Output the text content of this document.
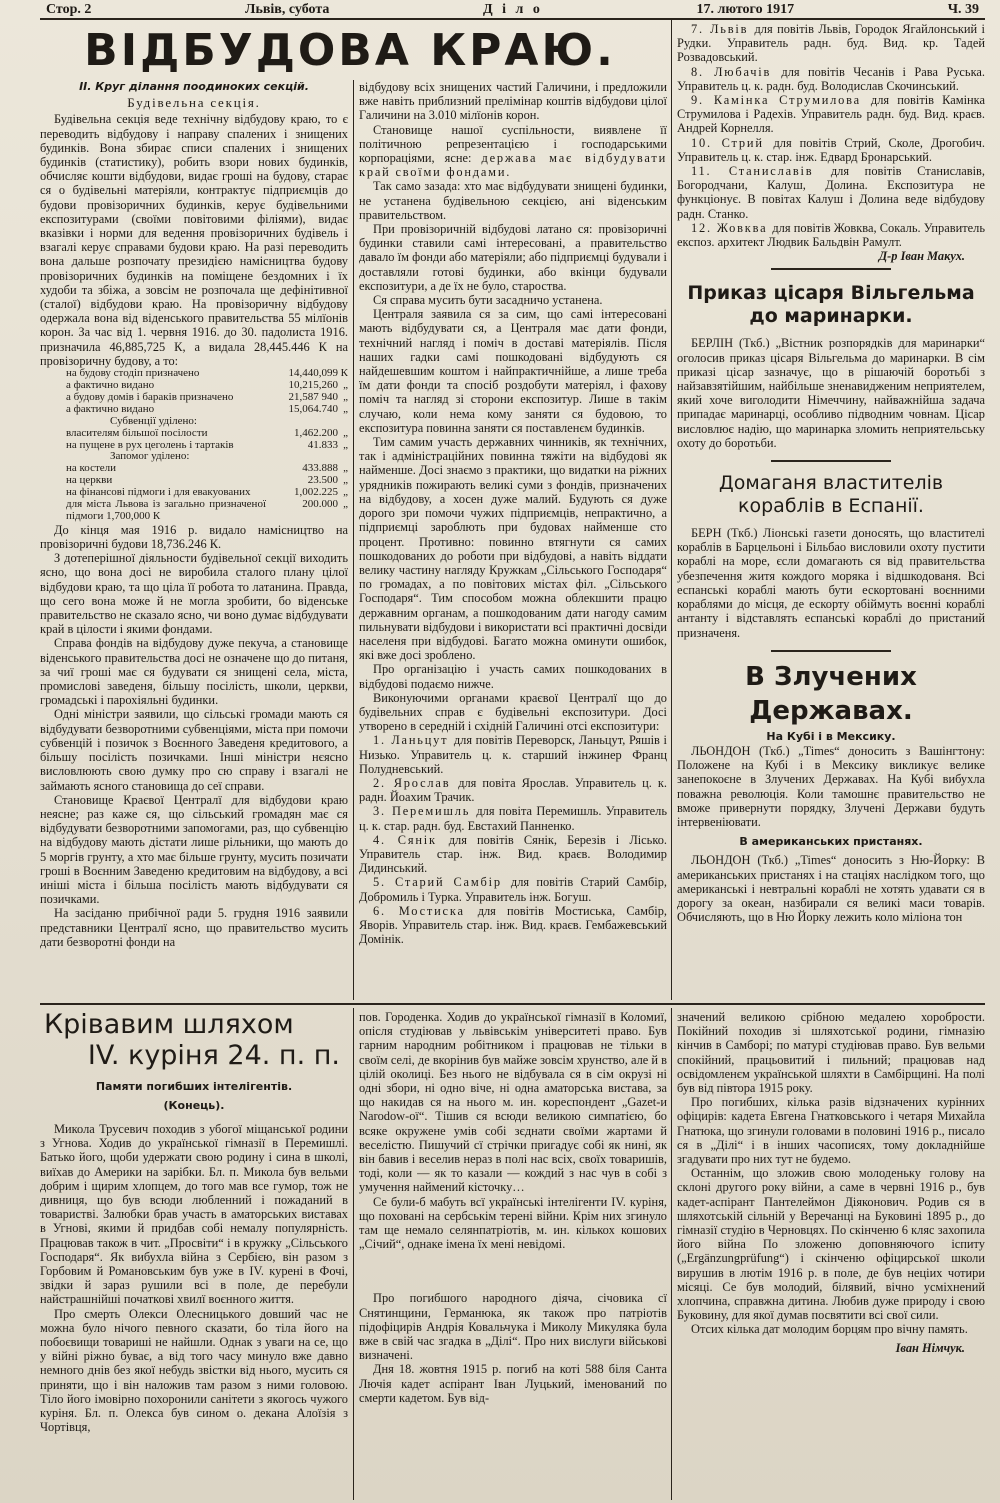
Стор. 2	Львів, субота	Д і л о	17. лютого 1917	Ч. 39
ВІДБУДОВА КРАЮ.

II. Круг ділання поодиноких секцій.

Будівельна секція.

Будівельна секція веде технічну відбудову краю, то є переводить відбудову і направу спалених і знищених будинків. Вона збирає списи спалених і знищених будинків (статистику), робить взори нових будинків, обчисляє кошти відбудови, видає гроші на будову, старає ся о будівельні матеріяли, контрактує підприємців до будови провізоричних будинків, керує будівельними експозитурами (своїми повітовими філіями), видає вказівки і норми для ведення провізоричних будівель і взагалі керує справами будови краю. На разі переводить вона дальше розпочату президією намісництва будову провізоричних будинків на поміщене бездомних і їх худоби та збіжа, а зовсім не розпочала ще дефінітивної (сталої) відбудови краю. На провізоричну відбудову одержала вона від віденського правительства 55 мілїонів корон. За час від 1. червня 1916. до 30. падолиста 1916. призначила 46,885,725 К, а видала 28,445.446 К на провізоричну будову, а то:

на будову стодіп призначено	14,440,099	К
а фактично видано	10,215,260	„
а будову домів і бараків призначено	21,587 940	„
а фактично видано	15,064.740	„
Субвенції уділено:		
власителям більшої посілости	1,462.200	„
на пущене в рух цеголень і тартаків	41.833	„
Запомог уділено:		
на костели	433.888	„
на церкви	23.500	„
на фінансові підмоги і для евакуованих	1,002.225	„
для міста Львова із загально призначеної підмоги 1,700,000 К	200.000	„

До кінця мая 1916 р. видало намісництво на провізоричні будови 18,736.246 К.

З дотеперішної діяльности будівельної секції виходить ясно, що вона досі не виробила сталого плану цілої відбудови краю, та що ціла її робота то латанина. Правда, що сего вона може й не могла зробити, бо віденське правительство не сказало ясно, чи воно думає відбудувати край в цілости і якими фондами.

Справа фондів на відбудову дуже пекуча, а становище віденського правительства досі не означене що до питаня, за чиї гроші має ся будувати ся знищені села, міста, промислові заведеня, більшу посілість, школи, церкви, громадські і парохіяльні будинки.

Одні міністри заявили, що сільські громади мають ся відбудувати безворотними субвенціями, міста при помочи субвенцій і позичок з Воєнного Заведеня кредитового, а більшу посілість позичками. Інші міністри нєясно висловлюють свою думку про сю справу і взагалі не займають ясного становища до сеї справи.

Становище Краєвої Централї для відбудови краю неясне; раз каже ся, що сільський громадян має ся відбудувати безворотними запомогами, раз, що субвенцію на відбудову мають дістати лише рільники, що мають до 5 моргів грунту, а хто має більше грунту, мусить позичати гроші в Воєнним Заведеню кредитовим на відбудову, а всі иніші міста і більша посілість мають відбудувати ся позичками.

На засіданю прибічної ради 5. грудня 1916 заявили представники Централї ясно, що правительство мусить дати безворотні фонди на

відбудову всіх знищених частий Галичини, і предложили вже навіть приблизний прелімінар коштів відбудови цілої Галичини на 3.010 мілїонів корон.

Становище нашої суспільности, виявлене її політичною репрезентацією і господарськими корпораціями, ясне: держава має відбудувати край своїми фондами.

Так само зазада: хто має відбудувати знищені будинки, не устанена будівельною секцією, ані віденським правительством.

При провізоричній відбудові латано ся: провізоричні будинки ставили самі інтересовані, а правительство давало їм фонди або матеріяли; або підприємці будували і доставляли готові будинки, або вкінци будували експозитури, а де їх не було, староства.

Ся справа мусить бути засадничо устанена.

Централя заявила ся за сим, що самі інтересовані мають відбудувати ся, а Централя має дати фонди, технічний нагляд і поміч в доставі матеріялів. Після наших гадки самі пошкодовані відбудують ся найдешевшим коштом і найпрактичнійше, а лише треба їм дати фонди та спосіб роздобути матеріял, і фахову поміч та нагляд зі сторони експозитур. Лише в такім случаю, коли нема кому заняти ся будовою, то експозитура повинна заняти ся поставленєм будинків.

Тим самим участь державних чинників, як технічних, так і адміністраційних повинна тяжіти на відбудові як найменше. Досі знаємо з практики, що видатки на ріжних урядників пожирають великі суми з фондів, призначених на відбудову, а хосен дуже малий. Будують ся дуже дорого зри помочи чужих підприємців, непрактично, а підприємці зароблють при будовах найменше сто процент. Противно: повинно втягнути ся самих пошкодованих до роботи при відбудові, а навіть віддати велику частину нагляду Кружкам „Сільського Господаря“ по громадах, а по повітових містах філ. „Сільського Господаря“. Тим способом можна облекшити працю державним органам, а пошкодованим дати нагоду самим пильнувати відбудови і використати всі практичні досвіди населеня при відбудові. Багато можна оминути ошибок, які вже досі зроблено.

Про організацію і участь самих пошкодованих в відбудові подаємо нижче.

Виконуючими органами краєвої Централї що до будівельних справ є будівельні експозитури. Досі утворено в середній і східній Галичині отсі експозитури:

1. Ланьцут для повітів Переворск, Ланьцут, Ряшів і Низько. Управитель ц. к. старший інжинер Франц Полудневський.

2. Ярослав для повіта Ярослав. Управитель ц. к. радн. Йоахим Трачик.

3. Перемишль для повіта Перемишль. Управитель ц. к. стар. радн. буд. Евстахий Панненко.

4. Сянік для повітів Сянік, Березів і Лісько. Управитель стар. інж. Вид. краєв. Володимир Дидинський.

5. Старий Самбір для повітів Старий Самбір, Добромиль і Турка. Управитель інж. Богуш.

6. Мостиска для повітів Мостиська, Самбір, Яворів. Управитель стар. інж. Вид. краєв. Гембажевський Домінік.

7. Львів для повітів Львів, Городок Ягайлонський і Рудки. Управитель радн. буд. Вид. кр. Тадей Розвадовський.

8. Любачів для повітів Чесанів і Рава Руська. Управитель ц. к. радн. буд. Володислав Скочинський.

9. Камінка Струмилова для повітів Камінка Струмилова і Радехів. Управитель радн. буд. Вид. краєв. Андрей Корнелля.

10. Стрий для повітів Стрий, Сколе, Дрогобич. Управитель ц. к. стар. інж. Едвард Бронарський.

11. Станиславів для повітів Станиславів, Богородчани, Калуш, Долина. Експозитура не функціонує. В повітах Калуш і Долина веде відбудову радн. Станко.

12. Жовква для повітів Жовква, Сокаль. Управитель експоз. архитект Людвик Бальдвін Рамулт.

Д-р Іван Макух.

Приказ цісаря Вільгельма до маринарки.

БЕРЛІН (Ткб.) „Вістник розпорядків для маринарки“ оголосив приказ цісаря Вільгельма до маринарки. В сім приказі цісар зазначує, що в рішаючій боротьбі з найзавзятійшим, найбільше зненавидженим неприятелем, який хоче виголодити Німеччину, найважнійша задача припадає маринарці, особливо підводним човнам. Цісар висловлює надію, що маринарка зломить неприятельську охоту до боротьби.

Домаганя властителів кораблів в Еспанії.

БЕРН (Ткб.) Ліонські газети доносять, що властителі кораблів в Барцельоні і Більбао висловили охоту пустити кораблі на море, єсли домагають ся від правительства убезпечення житя кождого моряка і відшкодованя. Всі еспанські кораблі мають бути ескортовані воєнними кораблями до місця, де ескорту обіймуть воєнні кораблі антанту і відставлять еспанські кораблі до пристаний призначеня.

В Злучених Державах.

На Кубі і в Мексику.

ЛЬОНДОН (Ткб.) „Times“ доносить з Вашінгтону: Положене на Кубі і в Мексику викликує велике занепокоєне в Злучених Державах. На Кубі вибухла поважна революція. Коли тамошнє правительство не вможе привернути порядку, Злучені Держави будуть інтервеніювати.

В американських пристанях.

ЛЬОНДОН (Ткб.) „Times“ доносить з Ню-Йорку: В американських пристанях і на стаціях наслідком того, що американські і невтральні кораблі не хотять удавати ся в дорогу за океан, назбирали ся великі маси товарів. Обчисляють, що в Ню Йорку лежить коло міліона тон

Крівавим шляхом
IV. куріня 24. п. п.
Памяти погибших інтелігентів.
(Конець).

Микола Трусевич походив з убогої міщанської родини з Угнова. Ходив до української гімназії в Перемишлі. Батько його, щоби удержати свою родину і сина в школі, виїхав до Америки на зарібки. Бл. п. Микола був вельми добрим і щирим хлопцем, до того мав все гумор, тож не дивниця, що був всюди любленний і пожаданий в товаристві. Залюбки брав участь в аматорських виставах в Угнові, якими й придбав собі немалу популярність. Працював також в чит. „Просвіти“ і в кружку „Сільського Господаря“. Як вибухла війна з Сербією, він разом з Горбовим й Романовським був уже в IV. курені в Фочі, звідки й зараз рушили всі в поле, де перебули найстрашнійші початкові хвилї воєнного життя.

Про смерть Олекси Олесницького довший час не можна було нічого певного сказати, бо тіла його на побоєвищи товариші не найшли. Однак з уваги на се, що у війні ріжно буває, а від того часу минуло вже давно немного днів без якої небудь звістки від нього, мусить ся приняти, що і він наложив там разом з ними головою. Тіло його імовірно похоронили санітети з якогось чужого куріня. Бл. п. Олекса був сином о. декана Алоїзія з Чортівця,

пов. Городенка. Ходив до української гімназії в Коломиї, опісля студіював у львівськім університеті право. Був гарним народним робітником і працював не тільки в своїм селі, де вкорінив був майже зовсім хрунство, але й в цілій околиці. Без нього не відбувала ся в сім окрузі ні одні збори, ні одно віче, ні одна аматорська вистава, за що накидав ся на нього м. ин. кореспондент „Gazet-и Narodow-ої“. Тішив ся всюди великою симпатією, бо всяке окружене умів собі зєднати своїми жартами й веселістю. Пишучий сї стрічки пригадує собі як нині, як він бавив і веселив нераз в полі нас всіх, своїх товаришів, тоді, коли — як то казали — кождий з нас чув в собі з умучення наймений кісточку…

Се були-б мабуть всї українські інтелігенти IV. куріня, що поховані на сербськім терені війни. Крім них згинуло там ще немало селянпатріотів, м. ин. кількох кошових „Січий“, однаке імена їх мені невідомі.

Про погибшого народного діяча, січовика сї Снятинщини, Германюка, як також про патріотів підофіцирів Андрія Ковальчука і Миколу Микуляка була вже в свій час згадка в „Ділі“. Про них вислуги військові визначені.

Дня 18. жовтня 1915 р. погиб на коті 588 біля Санта Лючія кадет аспірант Іван Луцький, іменований по смерти кадетом. Був від-

значений великою срібною медалею хоробрости. Покійний походив зі шляхотської родини, гімназію кінчив в Самборі; по матурі студіював право. Був вельми спокійний, працьовитий і пильний; працював над освідомленєм українськой шляхти в Самбірщині. На полі був від півтора 1915 року.

Про погибших, кілька разів відзначених курінних офіцирів: кадета Евгена Гнатковського і четаря Михайла Гнатюка, що згинули головами в половині 1916 р., писало ся в „Ділі“ і в інших часописях, тому докладнійше згадувати про них тут не будемо.

Останнім, що зложив свою молоденьку голову на склоні другого року війни, а саме в червні 1916 р., був кадет-аспірант Пантелеймон Діяконович. Родив ся в шляхотській сільній у Веречанці на Буковині 1895 р., до гімназії студію в Черновцях. По скінченю 6 кляс захопила його війна По зложеню доповняючого іспиту („Ergänzungprüfung“) і скінченю офіцирської школи вирушив в лютім 1916 р. в поле, де був неціих чотири місяці. Се був молодий, білявий, вічно усміхнений хлопчина, справжна дитина. Любив дуже природу і свою Буковину, для якої думав посвятити всі свої сили.

Отсих кілька дат молодим борцям про вічну память.

Іван Німчук.
